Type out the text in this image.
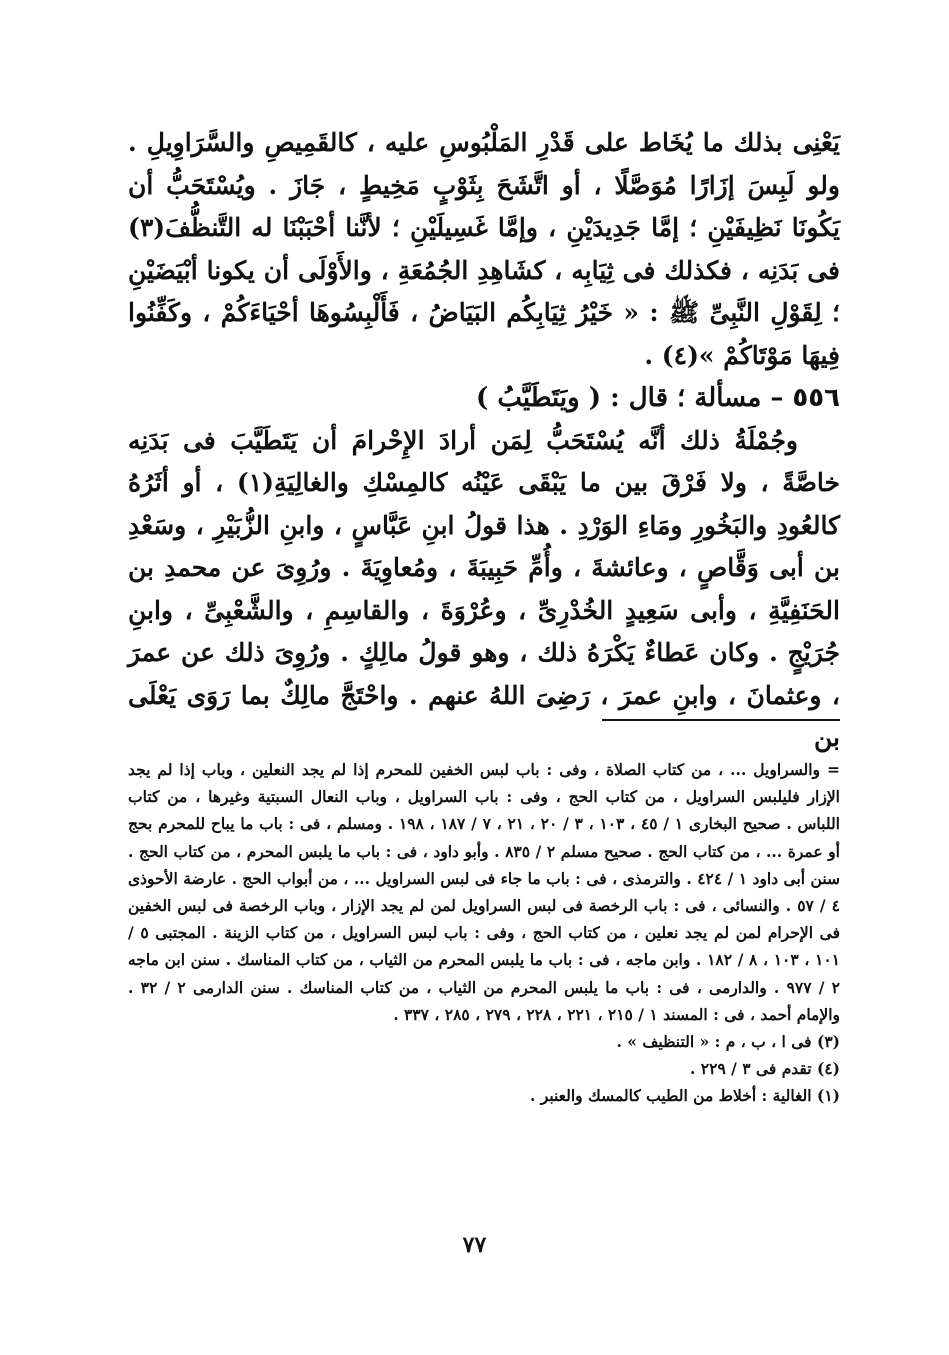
يَعْنِى بذلك ما يُخَاط على قَدْرِ المَلْبُوسِ عليه ، كالقَمِيصِ والسَّرَاوِيلِ . ولو لَبِسَ إزَارًا مُوَصَّلًا ، أو اتَّشَحَ بِثَوْبٍ مَخِيطٍ ، جَازَ . ويُسْتَحَبُّ أن يَكُونَا نَظِيفَيْنِ ؛ إمَّا جَدِيدَيْنِ ، وإمَّا غَسِيلَيْنِ ؛ لأنَّنا أحْبَبْنَا له التَّنظُّفَ(٣) فى بَدَنِه ، فكذلك فى ثِيَابِه ، كشَاهِدِ الجُمُعَةِ ، والأَوْلَى أن يكونا أبْيَضَيْنِ ؛ لِقَوْلِ النَّبِىِّ ﷺ : « خَيْرُ ثِيَابِكُم البَيَاضُ ، فَأَلْبِسُوهَا أحْيَاءَكُمْ ، وكَفِّنُوا فِيهَا مَوْتَاكُمْ »(٤) .

٥٥٦ – مسألة ؛ قال : ( ويَتَطَيَّبُ )

وجُمْلَةُ ذلك أنَّه يُسْتَحَبُّ لِمَن أرادَ الإِحْرامَ أن يَتَطَيَّبَ فى بَدَنِه خاصَّةً ، ولا فَرْقَ بين ما يَبْقَى عَيْنُه كالمِسْكِ والغالِيَةِ(١) ، أو أثَرُهُ كالعُودِ والبَخُورِ ومَاءِ الوَرْدِ . هذا قولُ ابنِ عَبَّاسٍ ، وابنِ الزُّبَيْرِ ، وسَعْدِ بن أبى وَقَّاصٍ ، وعائشةَ ، وأُمِّ حَبِيبَةَ ، ومُعاوِيَةَ . ورُوِىَ عن محمدِ بن الحَنَفِيَّةِ ، وأبى سَعِيدٍ الخُدْرِىِّ ، وعُرْوَةَ ، والقاسِمِ ، والشَّعْبِىِّ ، وابنِ جُرَيْجٍ . وكان عَطاءٌ يَكْرَهُ ذلك ، وهو قولُ مالِكٍ . ورُوِىَ ذلك عن عمرَ ، وعثمانَ ، وابنِ عمرَ ، رَضِىَ اللهُ عنهم . واحْتَجَّ مالِكٌ بما رَوَى يَعْلَى بن

= والسراويل ... ، من كتاب الصلاة ، وفى : باب لبس الخفين للمحرم إذا لم يجد النعلين ، وباب إذا لم يجد الإزار فليلبس السراويل ، من كتاب الحج ، وفى : باب السراويل ، وباب النعال السبتية وغيرها ، من كتاب اللباس . صحيح البخارى ١ / ٤٥ ، ١٠٣ ، ٣ / ٢٠ ، ٢١ ، ٧ / ١٨٧ ، ١٩٨ . ومسلم ، فى : باب ما يباح للمحرم بحج أو عمرة ... ، من كتاب الحج . صحيح مسلم ٢ / ٨٣٥ . وأبو داود ، فى : باب ما يلبس المحرم ، من كتاب الحج . سنن أبى داود ١ / ٤٢٤ . والترمذى ، فى : باب ما جاء فى لبس السراويل ... ، من أبواب الحج . عارضة الأحوذى ٤ / ٥٧ . والنسائى ، فى : باب الرخصة فى لبس السراويل لمن لم يجد الإزار ، وباب الرخصة فى لبس الخفين فى الإحرام لمن لم يجد نعلين ، من كتاب الحج ، وفى : باب لبس السراويل ، من كتاب الزينة . المجتبى ٥ / ١٠١ ، ١٠٣ ، ٨ / ١٨٢ . وابن ماجه ، فى : باب ما يلبس المحرم من الثياب ، من كتاب المناسك . سنن ابن ماجه ٢ / ٩٧٧ . والدارمى ، فى : باب ما يلبس المحرم من الثياب ، من كتاب المناسك . سنن الدارمى ٢ / ٣٢ . والإمام أحمد ، فى : المسند ١ / ٢١٥ ، ٢٢١ ، ٢٢٨ ، ٢٧٩ ، ٢٨٥ ، ٣٣٧ .

(٣) فى ا ، ب ، م : « التنظيف » .

(٤) تقدم فى ٣ / ٢٢٩ .

(١) الغالية : أخلاط من الطيب كالمسك والعنبر .

٧٧
